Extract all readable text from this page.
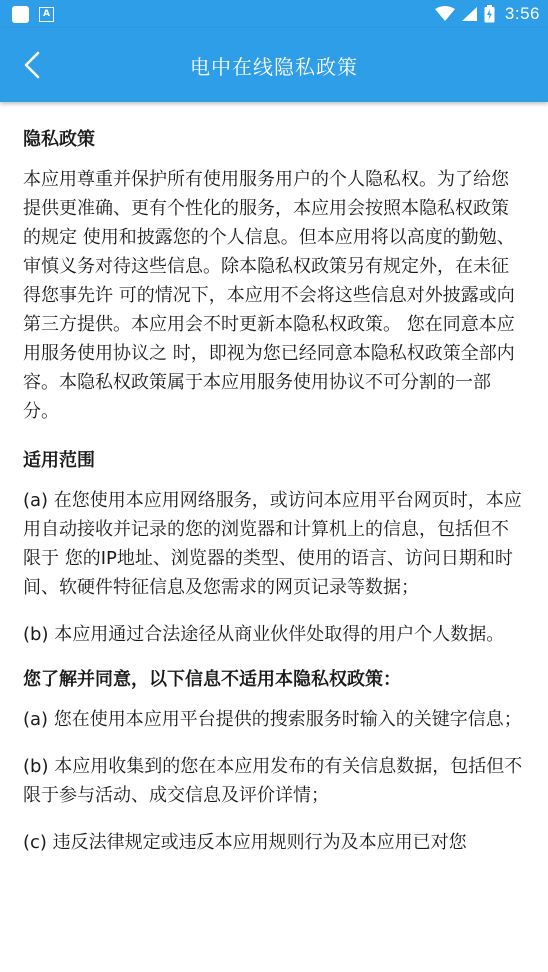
A	3:56
电中在线隐私政策
隐私政策

本应用尊重并保护所有使用服务用户的个人隐私权。为了给您提供更准确、更有个性化的服务，本应用会按照本隐私权政策的规定 使用和披露您的个人信息。但本应用将以高度的勤勉、审慎义务对待这些信息。除本隐私权政策另有规定外，在未征得您事先许 可的情况下，本应用不会将这些信息对外披露或向第三方提供。本应用会不时更新本隐私权政策。 您在同意本应用服务使用协议之 时，即视为您已经同意本隐私权政策全部内容。本隐私权政策属于本应用服务使用协议不可分割的一部分。

适用范围

(a) 在您使用本应用网络服务，或访问本应用平台网页时，本应用自动接收并记录的您的浏览器和计算机上的信息，包括但不限于 您的IP地址、浏览器的类型、使用的语言、访问日期和时间、软硬件特征信息及您需求的网页记录等数据；

(b) 本应用通过合法途径从商业伙伴处取得的用户个人数据。

您了解并同意，以下信息不适用本隐私权政策：

(a) 您在使用本应用平台提供的搜索服务时输入的关键字信息；

(b) 本应用收集到的您在本应用发布的有关信息数据，包括但不限于参与活动、成交信息及评价详情；

(c) 违反法律规定或违反本应用规则行为及本应用已对您
